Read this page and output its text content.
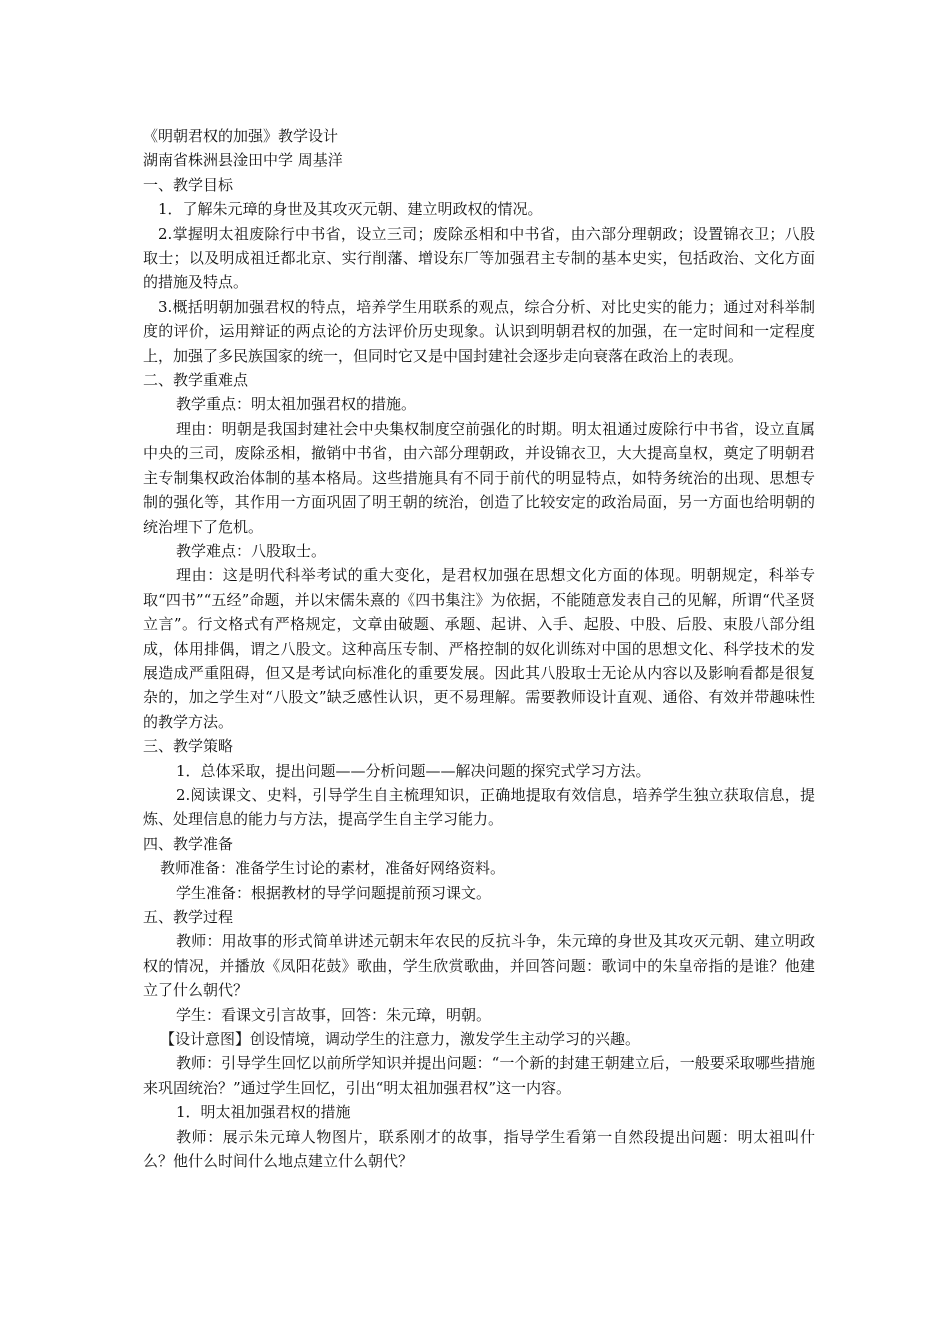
《明朝君权的加强》教学设计

湖南省株洲县淦田中学 周基洋

一、教学目标

1．了解朱元璋的身世及其攻灭元朝、建立明政权的情况。

2.掌握明太祖废除行中书省，设立三司；废除丞相和中书省，由六部分理朝政；设置锦衣卫；八股取士；以及明成祖迁都北京、实行削藩、增设东厂等加强君主专制的基本史实，包括政治、文化方面的措施及特点。

3.概括明朝加强君权的特点，培养学生用联系的观点，综合分析、对比史实的能力；通过对科举制度的评价，运用辩证的两点论的方法评价历史现象。认识到明朝君权的加强，在一定时间和一定程度上，加强了多民族国家的统一，但同时它又是中国封建社会逐步走向衰落在政治上的表现。

二、教学重难点

教学重点：明太祖加强君权的措施。

理由：明朝是我国封建社会中央集权制度空前强化的时期。明太祖通过废除行中书省，设立直属中央的三司，废除丞相，撤销中书省，由六部分理朝政，并设锦衣卫，大大提高皇权，奠定了明朝君主专制集权政治体制的基本格局。这些措施具有不同于前代的明显特点，如特务统治的出现、思想专制的强化等，其作用一方面巩固了明王朝的统治，创造了比较安定的政治局面，另一方面也给明朝的统治埋下了危机。

教学难点：八股取士。

理由：这是明代科举考试的重大变化，是君权加强在思想文化方面的体现。明朝规定，科举专取“四书”“五经”命题，并以宋儒朱熹的《四书集注》为依据，不能随意发表自己的见解，所谓“代圣贤立言”。行文格式有严格规定，文章由破题、承题、起讲、入手、起股、中股、后股、束股八部分组成，体用排偶，谓之八股文。这种高压专制、严格控制的奴化训练对中国的思想文化、科学技术的发展造成严重阻碍，但又是考试向标准化的重要发展。因此其八股取士无论从内容以及影响看都是很复杂的，加之学生对“八股文”缺乏感性认识，更不易理解。需要教师设计直观、通俗、有效并带趣味性的教学方法。

三、教学策略

1．总体采取，提出问题——分析问题——解决问题的探究式学习方法。

2.阅读课文、史料，引导学生自主梳理知识，正确地提取有效信息，培养学生独立获取信息，提炼、处理信息的能力与方法，提高学生自主学习能力。

四、教学准备

教师准备：准备学生讨论的素材，准备好网络资料。

学生准备：根据教材的导学问题提前预习课文。

五、教学过程

教师：用故事的形式简单讲述元朝末年农民的反抗斗争，朱元璋的身世及其攻灭元朝、建立明政权的情况，并播放《凤阳花鼓》歌曲，学生欣赏歌曲，并回答问题：歌词中的朱皇帝指的是谁？他建立了什么朝代？

学生：看课文引言故事，回答：朱元璋，明朝。

【设计意图】创设情境，调动学生的注意力，激发学生主动学习的兴趣。

教师：引导学生回忆以前所学知识并提出问题：“一个新的封建王朝建立后，一般要采取哪些措施来巩固统治？”通过学生回忆，引出“明太祖加强君权”这一内容。

1．明太祖加强君权的措施

教师：展示朱元璋人物图片，联系刚才的故事，指导学生看第一自然段提出问题：明太祖叫什么？他什么时间什么地点建立什么朝代？
